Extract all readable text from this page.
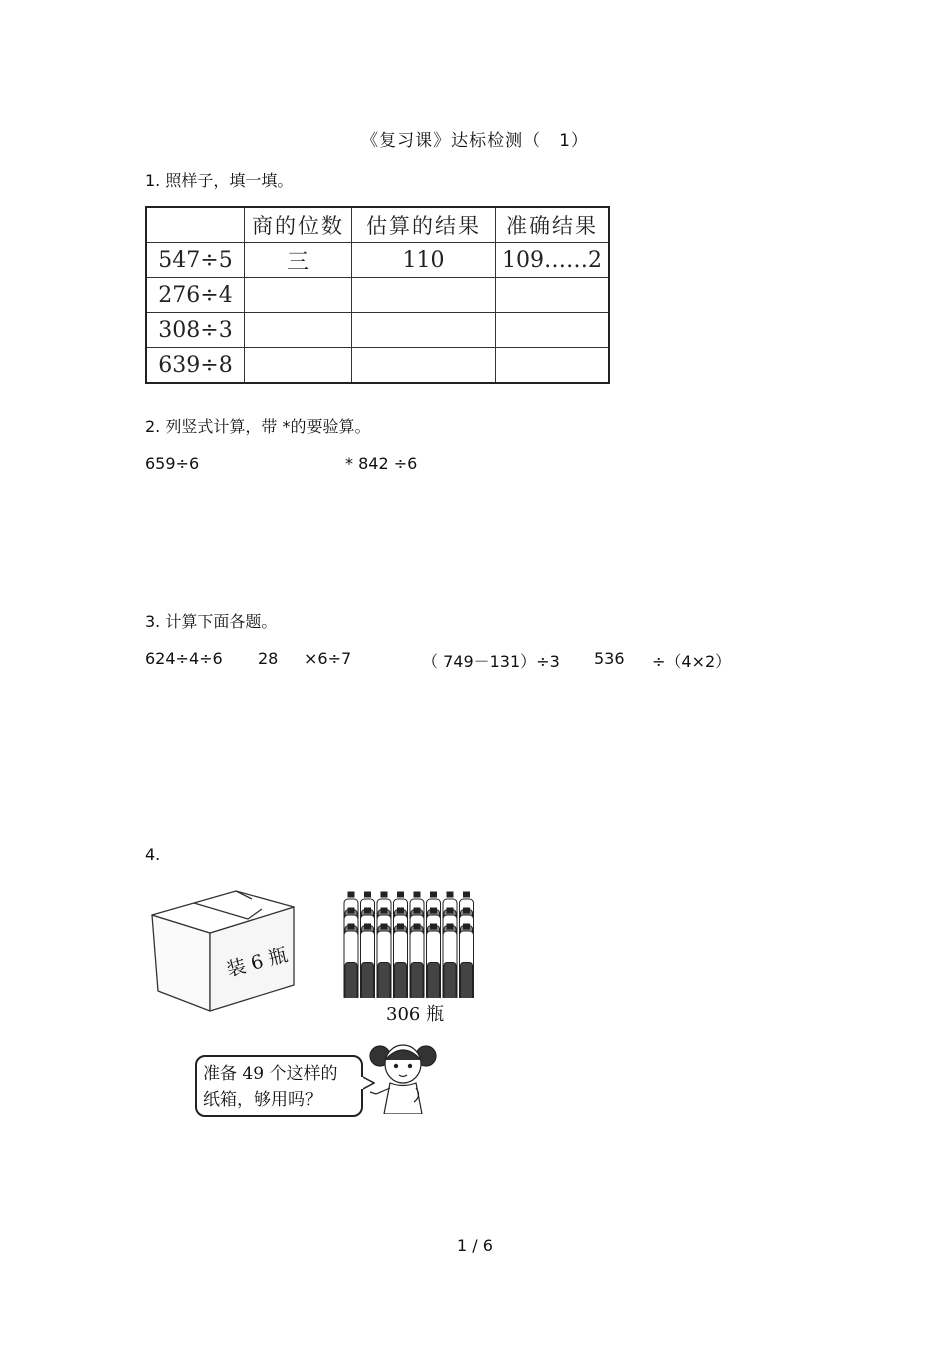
《复习课》达标检测（　1）
1. 照样子，填一填。
	商的位数	估算的结果	准确结果
547÷5	三	110	109……2
276÷4			
308÷3			
639÷8			
2. 列竖式计算，带 *的要验算。
659÷6	* 842 ÷6
3. 计算下面各题。
624÷4÷6 28 ×6÷7	（ 749－131）÷3 536 ÷（4×2）
4.
装 6 瓶
306 瓶
准备 49 个这样的
纸箱，够用吗？
1 / 6
